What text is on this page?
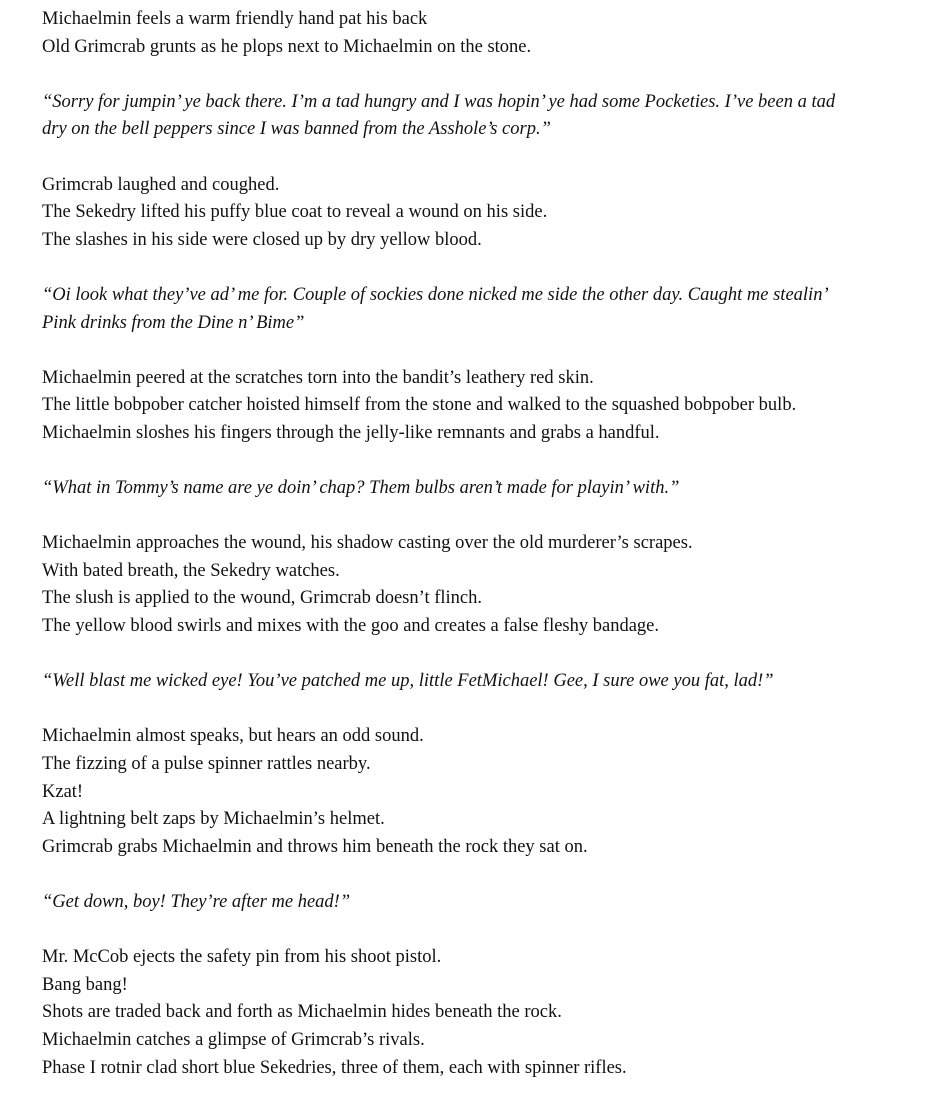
Michaelmin feels a warm friendly hand pat his back
Old Grimcrab grunts as he plops next to Michaelmin on the stone.
“Sorry for jumpin’ ye back there. I’m a tad hungry and I was hopin’ ye had some Pocketies. I’ve been a tad
dry on the bell peppers since I was banned from the Asshole’s corp.”
Grimcrab laughed and coughed.
The Sekedry lifted his puffy blue coat to reveal a wound on his side.
The slashes in his side were closed up by dry yellow blood.
“Oi look what they’ve ad’ me for. Couple of sockies done nicked me side the other day. Caught me stealin’
Pink drinks from the Dine n’ Bime”
Michaelmin peered at the scratches torn into the bandit’s leathery red skin.
The little bobpober catcher hoisted himself from the stone and walked to the squashed bobpober bulb.
Michaelmin sloshes his fingers through the jelly-like remnants and grabs a handful.
“What in Tommy’s name are ye doin’ chap? Them bulbs aren’t made for playin’ with.”
Michaelmin approaches the wound, his shadow casting over the old murderer’s scrapes.
With bated breath, the Sekedry watches.
The slush is applied to the wound, Grimcrab doesn’t flinch.
The yellow blood swirls and mixes with the goo and creates a false fleshy bandage.
“Well blast me wicked eye! You’ve patched me up, little FetMichael! Gee, I sure owe you fat, lad!”
Michaelmin almost speaks, but hears an odd sound.
The fizzing of a pulse spinner rattles nearby.
Kzat!
A lightning belt zaps by Michaelmin’s helmet.
Grimcrab grabs Michaelmin and throws him beneath the rock they sat on.
“Get down, boy! They’re after me head!”
Mr. McCob ejects the safety pin from his shoot pistol.
Bang bang!
Shots are traded back and forth as Michaelmin hides beneath the rock.
Michaelmin catches a glimpse of Grimcrab’s rivals.
Phase I rotnir clad short blue Sekedries, three of them, each with spinner rifles.
